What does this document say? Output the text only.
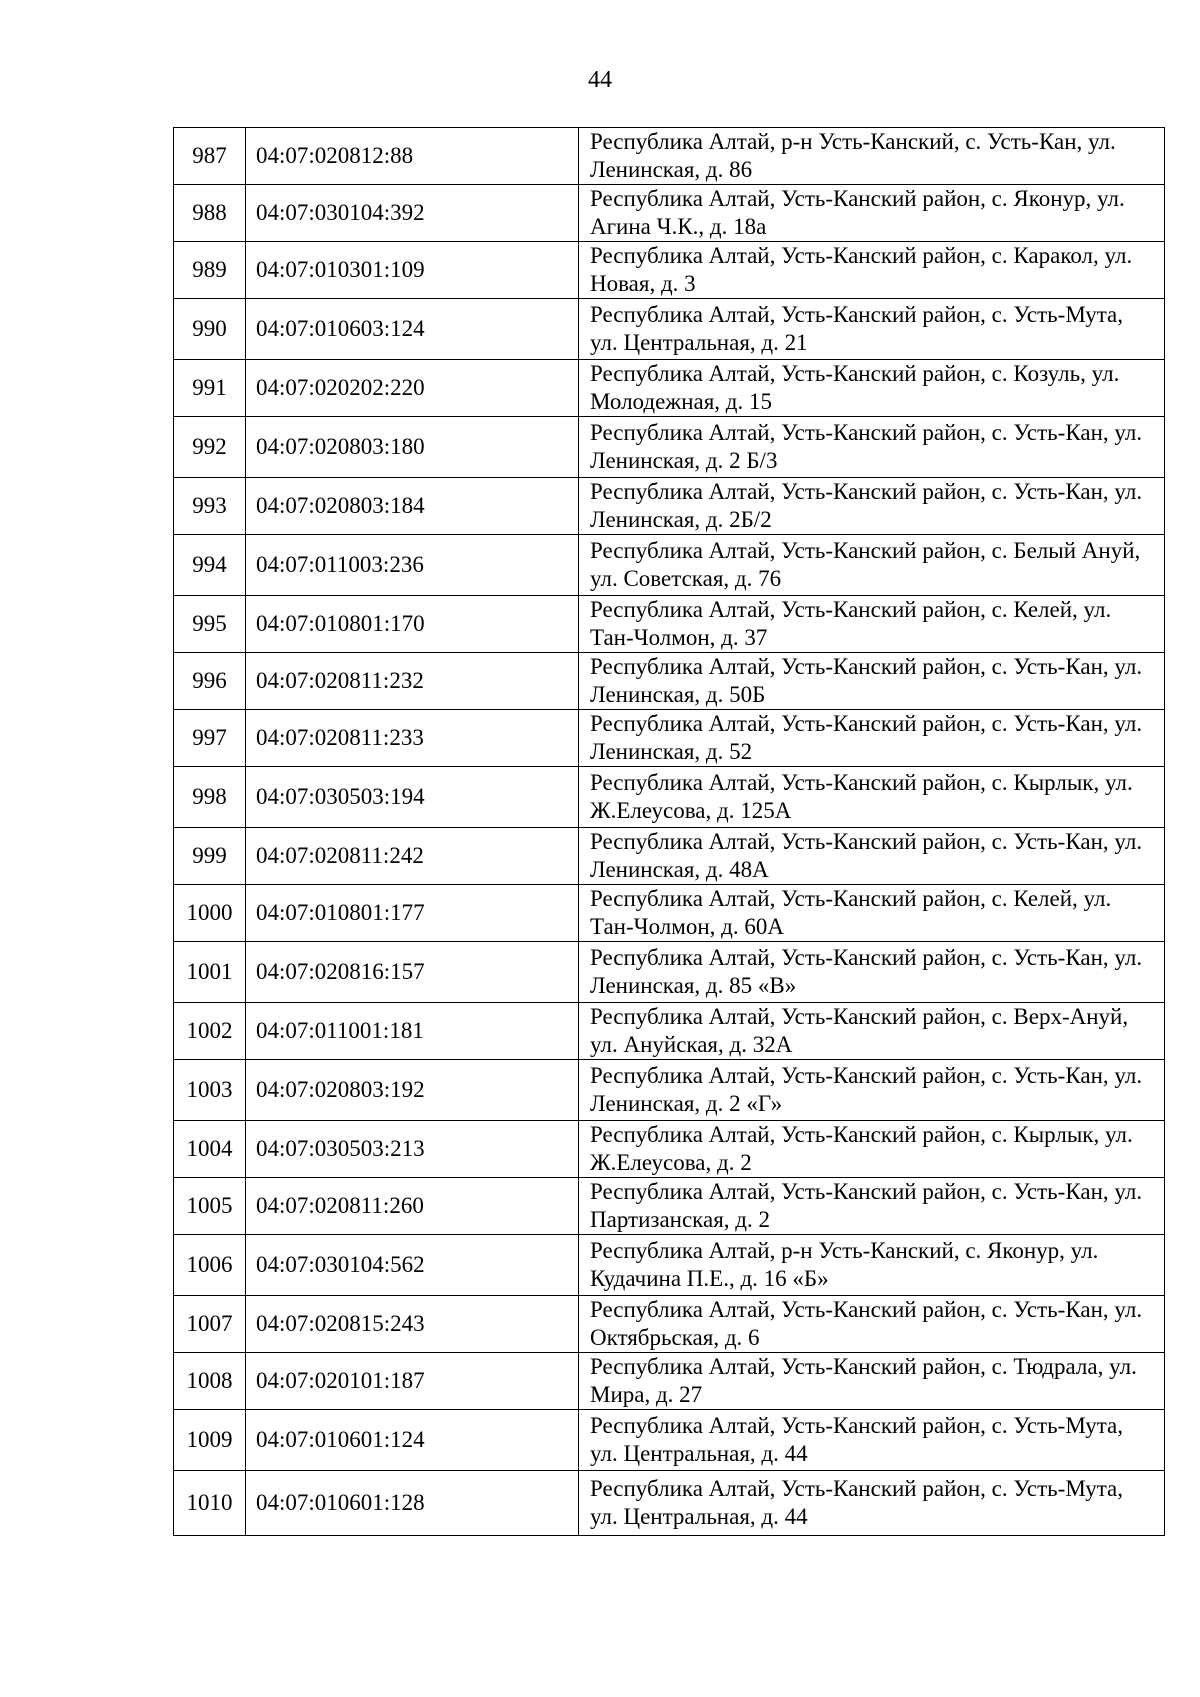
44
987	04:07:020812:88	Республика Алтай, р-н Усть-Канский, с. Усть-Кан, ул. Ленинская, д. 86
988	04:07:030104:392	Республика Алтай, Усть-Канский район, с. Яконур, ул. Агина Ч.К., д. 18а
989	04:07:010301:109	Республика Алтай, Усть-Канский район, с. Каракол, ул. Новая, д. 3
990	04:07:010603:124	Республика Алтай, Усть-Канский район, с. Усть-Мута, ул. Центральная, д. 21
991	04:07:020202:220	Республика Алтай, Усть-Канский район, с. Козуль, ул. Молодежная, д. 15
992	04:07:020803:180	Республика Алтай, Усть-Канский район, с. Усть-Кан, ул. Ленинская, д. 2 Б/3
993	04:07:020803:184	Республика Алтай, Усть-Канский район, с. Усть-Кан, ул. Ленинская, д. 2Б/2
994	04:07:011003:236	Республика Алтай, Усть-Канский район, с. Белый Ануй, ул. Советская, д. 76
995	04:07:010801:170	Республика Алтай, Усть-Канский район, с. Келей, ул. Тан-Чолмон, д. 37
996	04:07:020811:232	Республика Алтай, Усть-Канский район, с. Усть-Кан, ул. Ленинская, д. 50Б
997	04:07:020811:233	Республика Алтай, Усть-Канский район, с. Усть-Кан, ул. Ленинская, д. 52
998	04:07:030503:194	Республика Алтай, Усть-Канский район, с. Кырлык, ул. Ж.Елеусова, д. 125А
999	04:07:020811:242	Республика Алтай, Усть-Канский район, с. Усть-Кан, ул. Ленинская, д. 48А
1000	04:07:010801:177	Республика Алтай, Усть-Канский район, с. Келей, ул. Тан-Чолмон, д. 60А
1001	04:07:020816:157	Республика Алтай, Усть-Канский район, с. Усть-Кан, ул. Ленинская, д. 85 «В»
1002	04:07:011001:181	Республика Алтай, Усть-Канский район, с. Верх-Ануй, ул. Ануйская, д. 32А
1003	04:07:020803:192	Республика Алтай, Усть-Канский район, с. Усть-Кан, ул. Ленинская, д. 2 «Г»
1004	04:07:030503:213	Республика Алтай, Усть-Канский район, с. Кырлык, ул. Ж.Елеусова, д. 2
1005	04:07:020811:260	Республика Алтай, Усть-Канский район, с. Усть-Кан, ул. Партизанская, д. 2
1006	04:07:030104:562	Республика Алтай, р-н Усть-Канский, с. Яконур, ул. Кудачина П.Е., д. 16 «Б»
1007	04:07:020815:243	Республика Алтай, Усть-Канский район, с. Усть-Кан, ул. Октябрьская, д. 6
1008	04:07:020101:187	Республика Алтай, Усть-Канский район, с. Тюдрала, ул. Мира, д. 27
1009	04:07:010601:124	Республика Алтай, Усть-Канский район, с. Усть-Мута, ул. Центральная, д. 44
1010	04:07:010601:128	Республика Алтай, Усть-Канский район, с. Усть-Мута, ул. Центральная, д. 44
